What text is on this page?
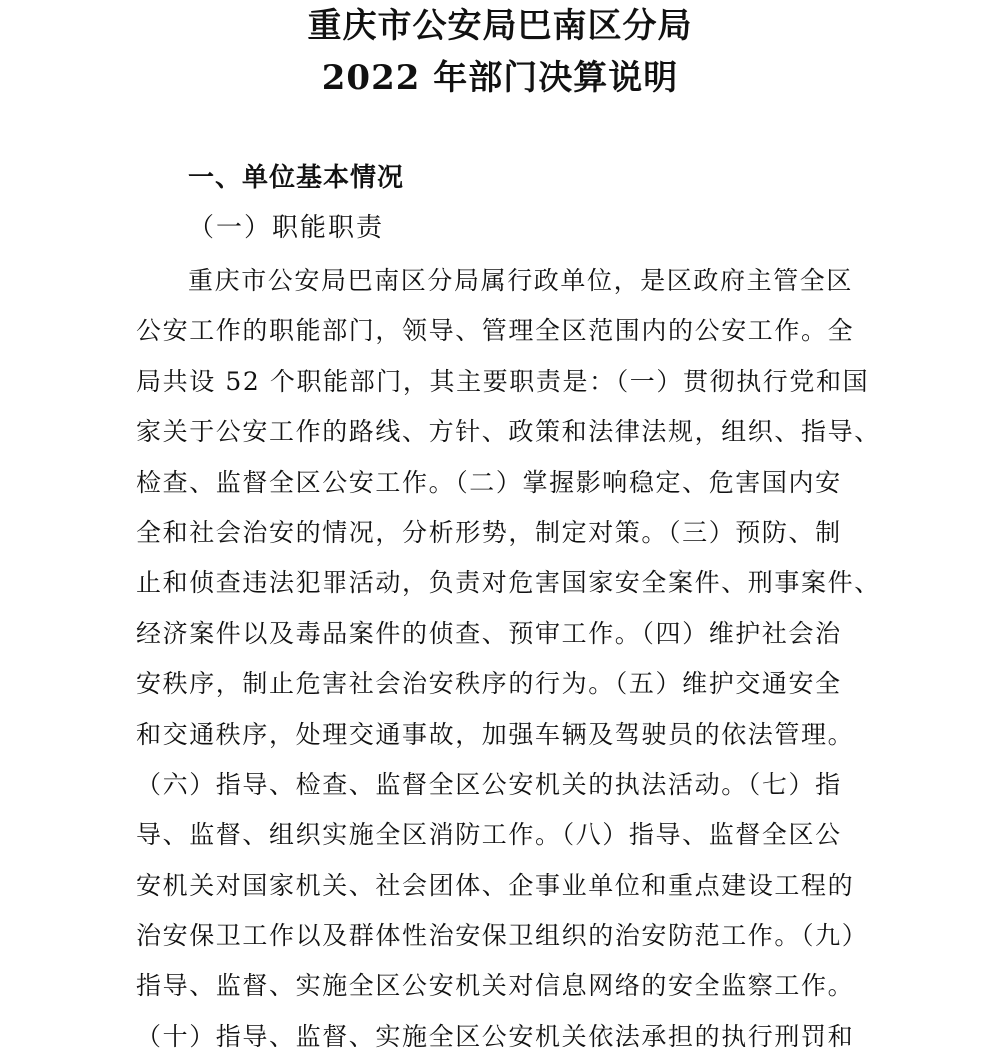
重庆市公安局巴南区分局
2022 年部门决算说明
一、单位基本情况
（一）职能职责
重庆市公安局巴南区分局属行政单位，是区政府主管全区
公安工作的职能部门，领导、管理全区范围内的公安工作。全
局共设 52 个职能部门，其主要职责是：（一）贯彻执行党和国
家关于公安工作的路线、方针、政策和法律法规，组织、指导、
检查、监督全区公安工作。（二）掌握影响稳定、危害国内安
全和社会治安的情况，分析形势，制定对策。（三）预防、制
止和侦查违法犯罪活动，负责对危害国家安全案件、刑事案件、
经济案件以及毒品案件的侦查、预审工作。（四）维护社会治
安秩序，制止危害社会治安秩序的行为。（五）维护交通安全
和交通秩序，处理交通事故，加强车辆及驾驶员的依法管理。
（六）指导、检查、监督全区公安机关的执法活动。（七）指
导、监督、组织实施全区消防工作。（八）指导、监督全区公
安机关对国家机关、社会团体、企事业单位和重点建设工程的
治安保卫工作以及群体性治安保卫组织的治安防范工作。（九）
指导、监督、实施全区公安机关对信息网络的安全监察工作。
（十）指导、监督、实施全区公安机关依法承担的执行刑罚和
